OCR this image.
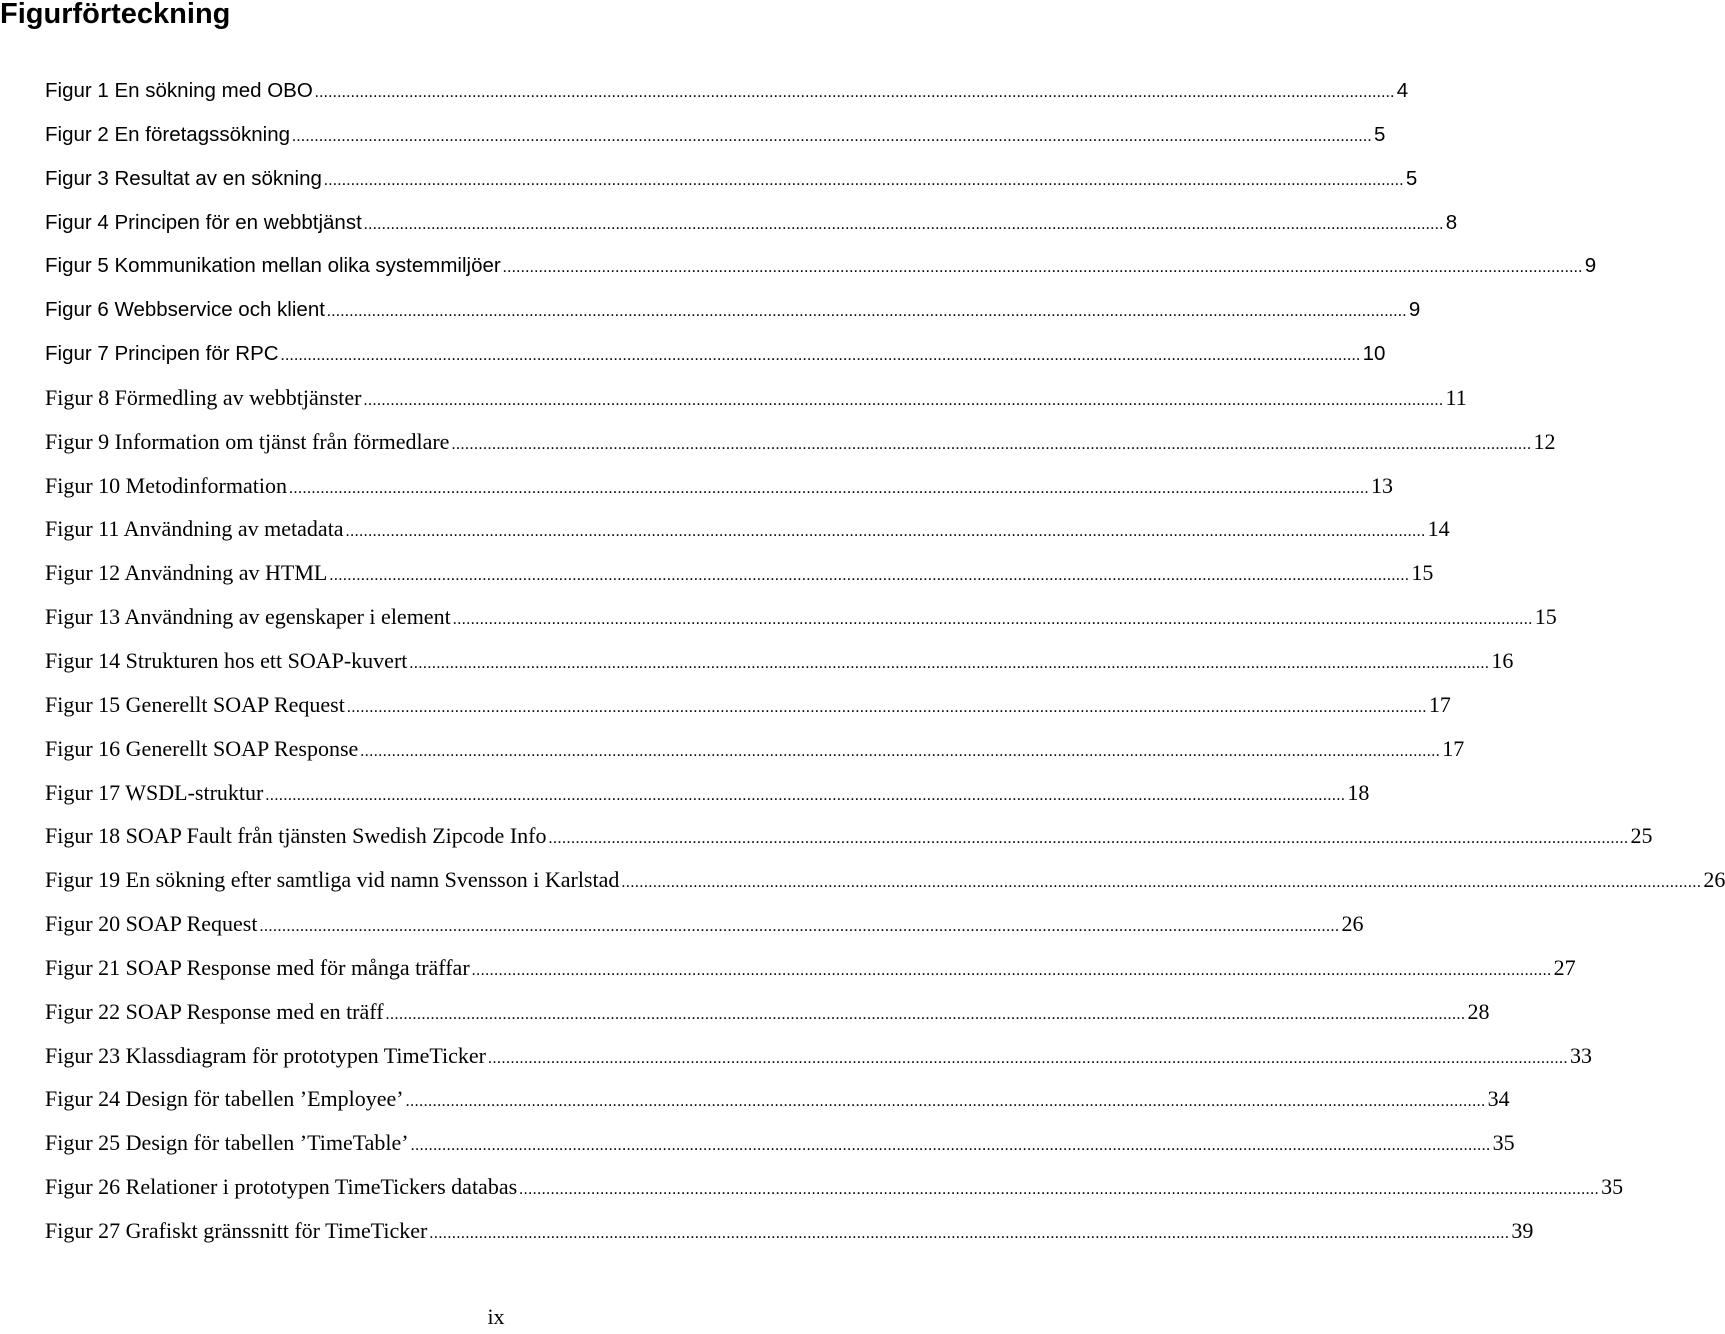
Figurförteckning
Figur 1 En sökning med OBO .....	4
Figur 2 En företagssökning .....	5
Figur 3 Resultat av en sökning .....	5
Figur 4 Principen för en webbtjänst .....	8
Figur 5 Kommunikation mellan olika systemmiljöer .....	9
Figur 6 Webbservice och klient .....	9
Figur 7 Principen för RPC .....	10
Figur 8 Förmedling av webbtjänster .....	11
Figur 9 Information om tjänst från förmedlare .....	12
Figur 10 Metodinformation .....	13
Figur 11 Användning av metadata .....	14
Figur 12 Användning av HTML .....	15
Figur 13 Användning av egenskaper i element .....	15
Figur 14 Strukturen hos ett SOAP-kuvert .....	16
Figur 15 Generellt SOAP Request .....	17
Figur 16 Generellt SOAP Response .....	17
Figur 17 WSDL-struktur .....	18
Figur 18 SOAP Fault från tjänsten Swedish Zipcode Info .....	25
Figur 19 En sökning efter samtliga vid namn Svensson i Karlstad .....	26
Figur 20 SOAP Request .....	26
Figur 21 SOAP Response med för många träffar .....	27
Figur 22 SOAP Response med en träff .....	28
Figur 23 Klassdiagram för prototypen TimeTicker .....	33
Figur 24 Design för tabellen ’Employee’ .....	34
Figur 25 Design för tabellen ’TimeTable’ .....	35
Figur 26 Relationer i prototypen TimeTickers databas .....	35
Figur 27 Grafiskt gränssnitt för TimeTicker .....	39
ix
